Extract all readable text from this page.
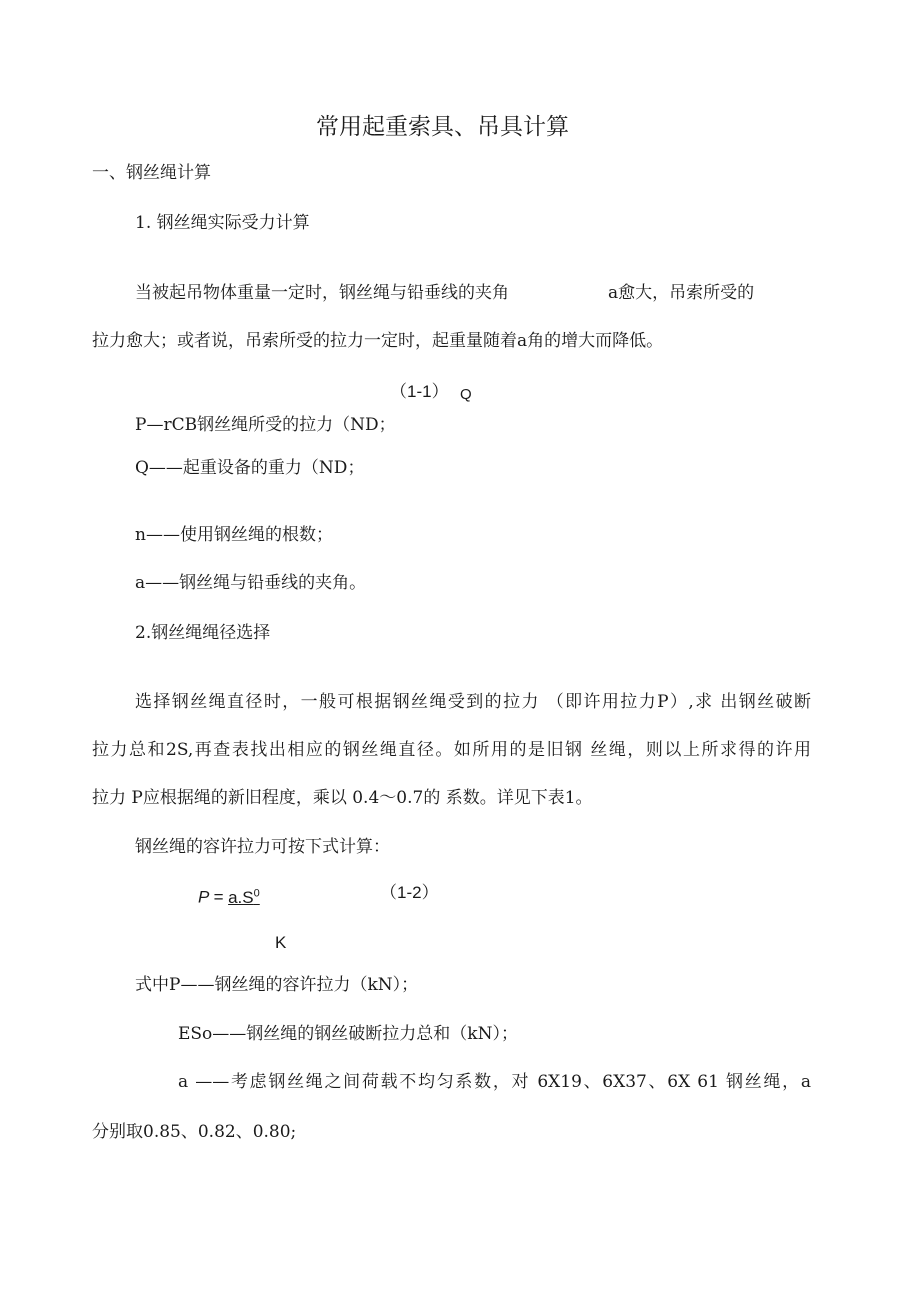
常用起重索具、吊具计算
一、钢丝绳计算
1. 钢丝绳实际受力计算
当被起吊物体重量一定时，钢丝绳与铅垂线的夹角	a愈大，吊索所受的
拉力愈大；或者说，吊索所受的拉力一定时，起重量随着a角的增大而降低。
（1-1） Q
P—rCB钢丝绳所受的拉力（ND；
Q——起重设备的重力（ND；
n——使用钢丝绳的根数；
a——钢丝绳与铅垂线的夹角。
2.钢丝绳绳径选择
选择钢丝绳直径时，一般可根据钢丝绳受到的拉力 （即许用拉力P）,求 出钢丝破断
拉力总和2S,再查表找出相应的钢丝绳直径。如所用的是旧钢 丝绳，则以上所求得的许用
拉力 P应根据绳的新旧程度，乘以 0.4～0.7的 系数。详见下表1。
钢丝绳的容许拉力可按下式计算：
$P = a.S^0$	（1-2）
K
式中P——钢丝绳的容许拉力（kN）；
ESo——钢丝绳的钢丝破断拉力总和（kN）；
a ——考虑钢丝绳之间荷载不均匀系数，对 6X19、6X37、6X 61 钢丝绳，a
分别取0.85、0.82、0.80;
